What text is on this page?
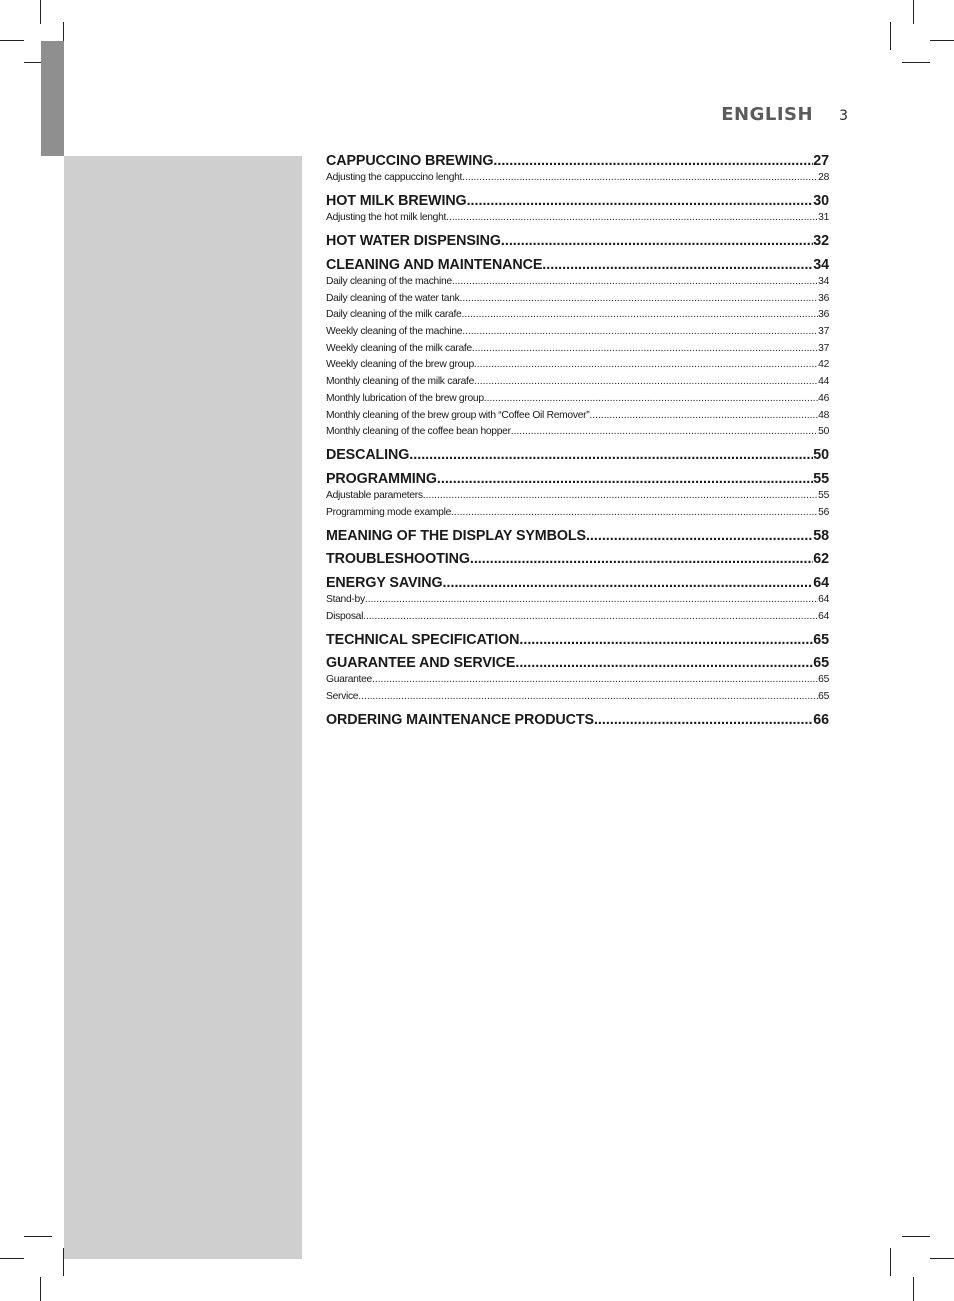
ENGLISH 3
CAPPUCCINO BREWING .....	27
Adjusting the cappuccino lenght .....	28
HOT MILK BREWING .....	30
Adjusting the hot milk lenght .....	31
HOT WATER DISPENSING .....	32
CLEANING AND MAINTENANCE .....	34
Daily cleaning of the machine .....	34
Daily cleaning of the water tank .....	36
Daily cleaning of the milk carafe .....	36
Weekly cleaning of the machine .....	37
Weekly cleaning of the milk carafe .....	37
Weekly cleaning of the brew group .....	42
Monthly cleaning of the milk carafe .....	44
Monthly lubrication of the brew group .....	46
Monthly cleaning of the brew group with “Coffee Oil Remover” .....	48
Monthly cleaning of the coffee bean hopper .....	50
DESCALING .....	50
PROGRAMMING .....	55
Adjustable parameters .....	55
Programming mode example .....	56
MEANING OF THE DISPLAY SYMBOLS .....	58
TROUBLESHOOTING .....	62
ENERGY SAVING .....	64
Stand-by .....	64
Disposal .....	64
TECHNICAL SPECIFICATION .....	65
GUARANTEE AND SERVICE .....	65
Guarantee .....	65
Service .....	65
ORDERING MAINTENANCE PRODUCTS .....	66
